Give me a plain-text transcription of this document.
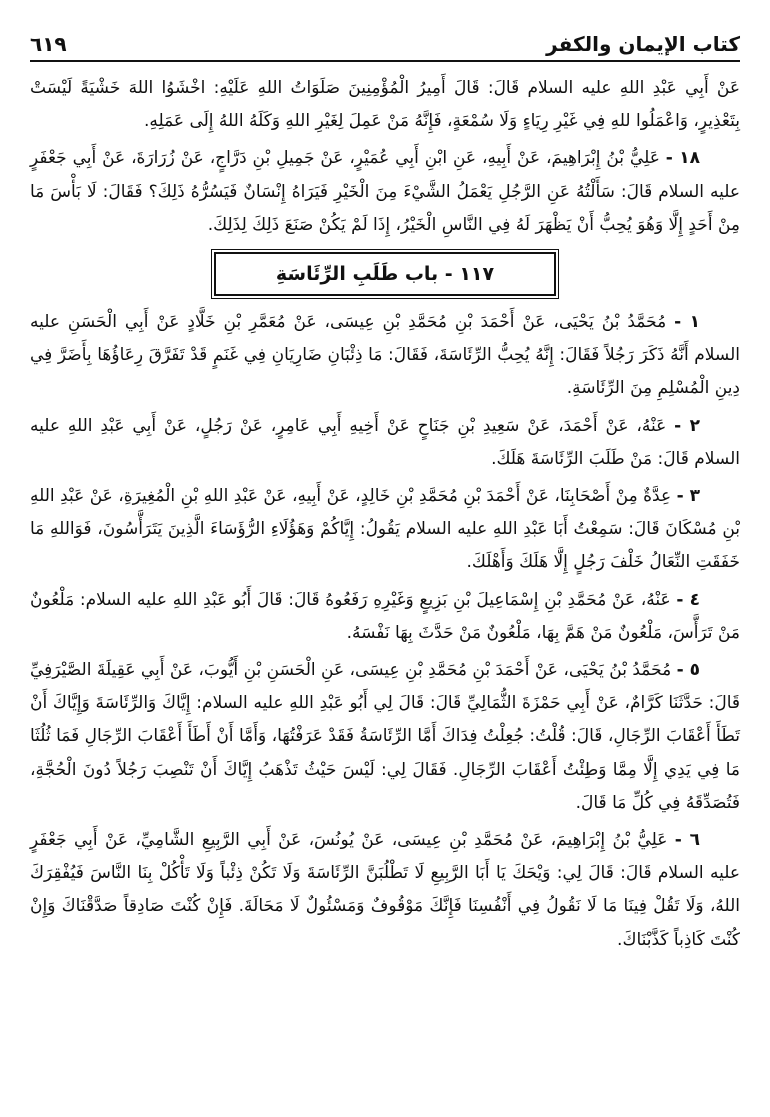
كتاب الإيمان والكفر
٦١٩

عَنْ أَبِي عَبْدِ اللهِ عليه السلام قَالَ: قَالَ أَمِيرُ الْمُؤْمِنِينَ صَلَوَاتُ اللهِ عَلَيْهِ: اخْشَوُا اللهَ خَشْيَةً لَيْسَتْ بِتَعْذِيرٍ، وَاعْمَلُوا للهِ فِي غَيْرِ رِيَاءٍ وَلَا سُمْعَةٍ، فَإِنَّهُ مَنْ عَمِلَ لِغَيْرِ اللهِ وَكَلَهُ اللهُ إِلَى عَمَلِهِ.

١٨ - عَلِيُّ بْنُ إِبْرَاهِيمَ، عَنْ أَبِيهِ، عَنِ ابْنِ أَبِي عُمَيْرٍ، عَنْ جَمِيلِ بْنِ دَرَّاجٍ، عَنْ زُرَارَةَ، عَنْ أَبِي جَعْفَرٍ عليه السلام قَالَ: سَأَلْتُهُ عَنِ الرَّجُلِ يَعْمَلُ الشَّيْءَ مِنَ الْخَيْرِ فَيَرَاهُ إِنْسَانٌ فَيَسُرُّهُ ذَلِكَ؟ فَقَالَ: لَا بَأْسَ مَا مِنْ أَحَدٍ إِلَّا وَهُوَ يُحِبُّ أَنْ يَظْهَرَ لَهُ فِي النَّاسِ الْخَيْرُ، إِذَا لَمْ يَكُنْ صَنَعَ ذَلِكَ لِذَلِكَ.

١١٧ - باب طَلَبِ الرِّئَاسَةِ

١ - مُحَمَّدُ بْنُ يَحْيَى، عَنْ أَحْمَدَ بْنِ مُحَمَّدِ بْنِ عِيسَى، عَنْ مُعَمَّرِ بْنِ خَلَّادٍ عَنْ أَبِي الْحَسَنِ عليه السلام أَنَّهُ ذَكَرَ رَجُلاً فَقَالَ: إِنَّهُ يُحِبُّ الرِّئَاسَةَ، فَقَالَ: مَا ذِئْبَانِ ضَارِيَانِ فِي غَنَمٍ قَدْ تَفَرَّقَ رِعَاؤُهَا بِأَضَرَّ فِي دِينِ الْمُسْلِمِ مِنَ الرِّئَاسَةِ.

٢ - عَنْهُ، عَنْ أَحْمَدَ، عَنْ سَعِيدِ بْنِ جَنَاحٍ عَنْ أَخِيهِ أَبِي عَامِرٍ، عَنْ رَجُلٍ، عَنْ أَبِي عَبْدِ اللهِ عليه السلام قَالَ: مَنْ طَلَبَ الرِّئَاسَةَ هَلَكَ.

٣ - عِدَّةٌ مِنْ أَصْحَابِنَا، عَنْ أَحْمَدَ بْنِ مُحَمَّدِ بْنِ خَالِدٍ، عَنْ أَبِيهِ، عَنْ عَبْدِ اللهِ بْنِ الْمُغِيرَةِ، عَنْ عَبْدِ اللهِ بْنِ مُسْكَانَ قَالَ: سَمِعْتُ أَبَا عَبْدِ اللهِ عليه السلام يَقُولُ: إِيَّاكُمْ وَهَؤُلَاءِ الرُّؤَسَاءَ الَّذِينَ يَتَرَأَّسُونَ، فَوَاللهِ مَا خَفَقَتِ النِّعَالُ خَلْفَ رَجُلٍ إِلَّا هَلَكَ وَأَهْلَكَ.

٤ - عَنْهُ، عَنْ مُحَمَّدِ بْنِ إِسْمَاعِيلَ بْنِ بَزِيعٍ وَغَيْرِهِ رَفَعُوهُ قَالَ: قَالَ أَبُو عَبْدِ اللهِ عليه السلام: مَلْعُونٌ مَنْ تَرَأَّسَ، مَلْعُونٌ مَنْ هَمَّ بِهَا، مَلْعُونٌ مَنْ حَدَّثَ بِهَا نَفْسَهُ.

٥ - مُحَمَّدُ بْنُ يَحْيَى، عَنْ أَحْمَدَ بْنِ مُحَمَّدِ بْنِ عِيسَى، عَنِ الْحَسَنِ بْنِ أَيُّوبَ، عَنْ أَبِي عَقِيلَةَ الصَّيْرَفِيِّ قَالَ: حَدَّثَنَا كَرَّامٌ، عَنْ أَبِي حَمْزَةَ الثُّمَالِيِّ قَالَ: قَالَ لِي أَبُو عَبْدِ اللهِ عليه السلام: إِيَّاكَ وَالرِّئَاسَةَ وَإِيَّاكَ أَنْ تَطَأَ أَعْقَابَ الرِّجَالِ، قَالَ: قُلْتُ: جُعِلْتُ فِدَاكَ أَمَّا الرِّئَاسَةُ فَقَدْ عَرَفْتُهَا، وَأَمَّا أَنْ أَطَأَ أَعْقَابَ الرِّجَالِ فَمَا ثُلُثَا مَا فِي يَدِي إِلَّا مِمَّا وَطِئْتُ أَعْقَابَ الرِّجَالِ. فَقَالَ لِي: لَيْسَ حَيْثُ تَذْهَبُ إِيَّاكَ أَنْ تَنْصِبَ رَجُلاً دُونَ الْحُجَّةِ، فَتُصَدِّقَهُ فِي كُلِّ مَا قَالَ.

٦ - عَلِيُّ بْنُ إِبْرَاهِيمَ، عَنْ مُحَمَّدِ بْنِ عِيسَى، عَنْ يُونُسَ، عَنْ أَبِي الرَّبِيعِ الشَّامِيِّ، عَنْ أَبِي جَعْفَرٍ عليه السلام قَالَ: قَالَ لِي: وَيْحَكَ يَا أَبَا الرَّبِيعِ لَا تَطْلُبَنَّ الرِّئَاسَةَ وَلَا تَكُنْ ذِئْباً وَلَا تَأْكُلْ بِنَا النَّاسَ فَيُفْقِرَكَ اللهُ، وَلَا تَقُلْ فِينَا مَا لَا نَقُولُ فِي أَنْفُسِنَا فَإِنَّكَ مَوْقُوفٌ وَمَسْئُولٌ لَا مَحَالَةَ. فَإِنْ كُنْتَ صَادِقاً صَدَّقْنَاكَ وَإِنْ كُنْتَ كَاذِباً كَذَّبْنَاكَ.
